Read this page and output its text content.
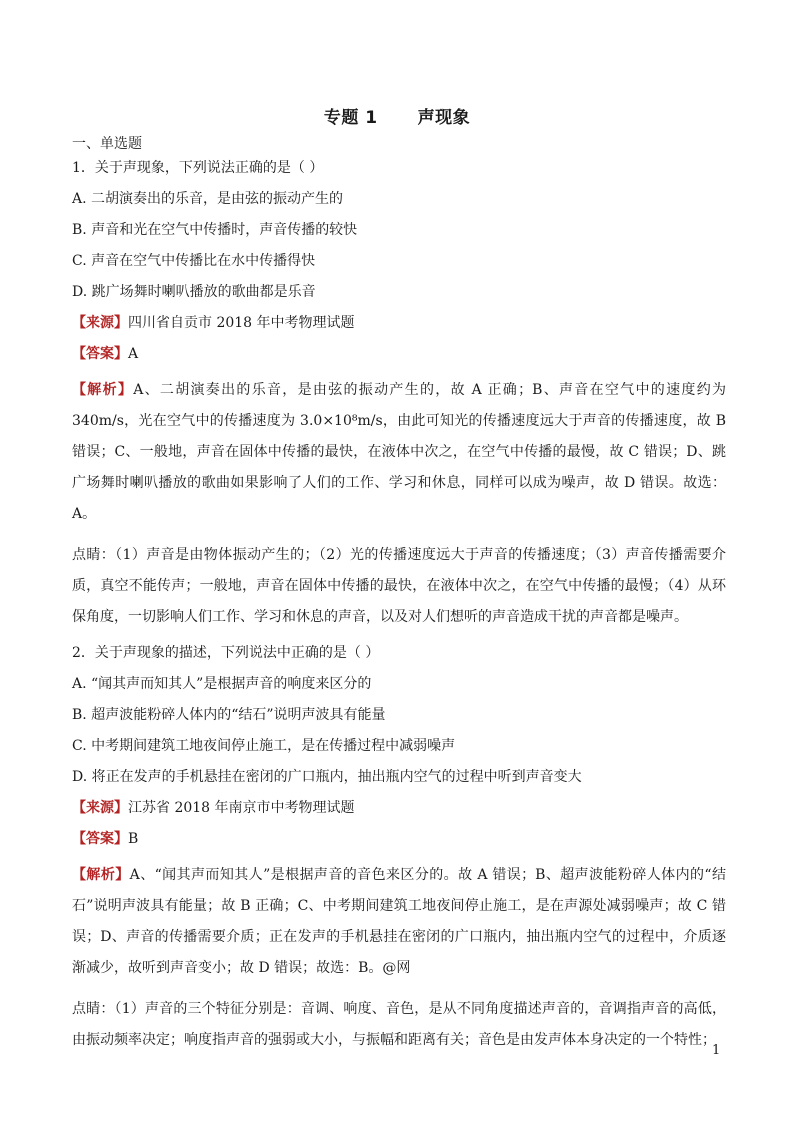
专题 1 声现象
一、单选题
1．关于声现象，下列说法正确的是（ ）
A. 二胡演奏出的乐音，是由弦的振动产生的
B. 声音和光在空气中传播时，声音传播的较快
C. 声音在空气中传播比在水中传播得快
D. 跳广场舞时喇叭播放的歌曲都是乐音
【来源】四川省自贡市 2018 年中考物理试题
【答案】A
【解析】A、二胡演奏出的乐音，是由弦的振动产生的，故 A 正确；B、声音在空气中的速度约为 340m/s，光在空气中的传播速度为 3.0×10⁸m/s，由此可知光的传播速度远大于声音的传播速度，故 B 错误；C、一般地，声音在固体中传播的最快，在液体中次之，在空气中传播的最慢，故 C 错误；D、跳广场舞时喇叭播放的歌曲如果影响了人们的工作、学习和休息，同样可以成为噪声，故 D 错误。故选：A。
点睛：（1）声音是由物体振动产生的；（2）光的传播速度远大于声音的传播速度；（3）声音传播需要介质，真空不能传声；一般地，声音在固体中传播的最快，在液体中次之，在空气中传播的最慢；（4）从环保角度，一切影响人们工作、学习和休息的声音，以及对人们想听的声音造成干扰的声音都是噪声。
2．关于声现象的描述，下列说法中正确的是（ ）
A. “闻其声而知其人”是根据声音的响度来区分的
B. 超声波能粉碎人体内的“结石”说明声波具有能量
C. 中考期间建筑工地夜间停止施工，是在传播过程中减弱噪声
D. 将正在发声的手机悬挂在密闭的广口瓶内，抽出瓶内空气的过程中听到声音变大
【来源】江苏省 2018 年南京市中考物理试题
【答案】B
【解析】A、“闻其声而知其人”是根据声音的音色来区分的。故 A 错误；B、超声波能粉碎人体内的“结石”说明声波具有能量；故 B 正确；C、中考期间建筑工地夜间停止施工，是在声源处减弱噪声；故 C 错误；D、声音的传播需要介质；正在发声的手机悬挂在密闭的广口瓶内，抽出瓶内空气的过程中，介质逐渐减少，故听到声音变小；故 D 错误；故选：B。@网
点睛：（1）声音的三个特征分别是：音调、响度、音色，是从不同角度描述声音的，音调指声音的高低，由振动频率决定；响度指声音的强弱或大小，与振幅和距离有关；音色是由发声体本身决定的一个特性；
1
